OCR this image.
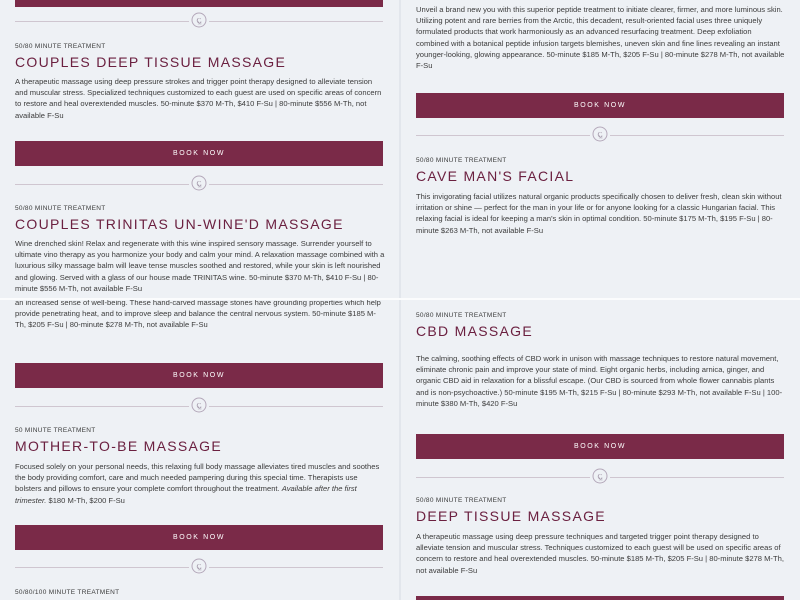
50/80 MINUTE TREATMENT
COUPLES DEEP TISSUE MASSAGE
A therapeutic massage using deep pressure strokes and trigger point therapy designed to alleviate tension and muscular stress. Specialized techniques customized to each guest are used on specific areas of concern to restore and heal overextended muscles. 50-minute $370 M-Th, $410 F-Su | 80-minute $556 M-Th, not available F-Su
BOOK NOW
50/80 MINUTE TREATMENT
COUPLES TRINITAS UN-WINE'D MASSAGE
Wine drenched skin! Relax and regenerate with this wine inspired sensory massage. Surrender yourself to ultimate vino therapy as you harmonize your body and calm your mind. A relaxation massage combined with a luxurious silky massage balm will leave tense muscles soothed and restored, while your skin is left nourished and glowing. Served with a glass of our house made TRINITAS wine. 50-minute $370 M-Th, $410 F-Su | 80-minute $556 M-Th, not available F-Su
Unveil a brand new you with this superior peptide treatment to initiate clearer, firmer, and more luminous skin. Utilizing potent and rare berries from the Arctic, this decadent, result-oriented facial uses three uniquely formulated products that work harmoniously as an advanced resurfacing treatment. Deep exfoliation combined with a botanical peptide infusion targets blemishes, uneven skin and fine lines revealing an instant younger-looking, glowing appearance. 50-minute $185 M-Th, $205 F-Su | 80-minute $278 M-Th, not available F-Su
BOOK NOW
50/80 MINUTE TREATMENT
CAVE MAN'S FACIAL
This invigorating facial utilizes natural organic products specifically chosen to deliver fresh, clean skin without irritation or shine — perfect for the man in your life or for anyone looking for a classic Hungarian facial. This relaxing facial is ideal for keeping a man's skin in optimal condition. 50-minute $175 M-Th, $195 F-Su | 80-minute $263 M-Th, not available F-Su
an increased sense of well-being. These hand-carved massage stones have grounding properties which help provide penetrating heat, and to improve sleep and balance the central nervous system. 50-minute $185 M-Th, $205 F-Su | 80-minute $278 M-Th, not available F-Su
BOOK NOW
50 MINUTE TREATMENT
MOTHER-TO-BE MASSAGE
Focused solely on your personal needs, this relaxing full body massage alleviates tired muscles and soothes the body providing comfort, care and much needed pampering during this special time. Therapists use bolsters and pillows to ensure your complete comfort throughout the treatment. Available after the first trimester. $180 M-Th, $200 F-Su
BOOK NOW
50/80/100 MINUTE TREATMENT
50/80 MINUTE TREATMENT
CBD MASSAGE
The calming, soothing effects of CBD work in unison with massage techniques to restore natural movement, eliminate chronic pain and improve your state of mind. Eight organic herbs, including arnica, ginger, and organic CBD aid in relaxation for a blissful escape. (Our CBD is sourced from whole flower cannabis plants and is non-psychoactive.) 50-minute $195 M-Th, $215 F-Su | 80-minute $293 M-Th, not available F-Su | 100-minute $380 M-Th, $420 F-Su
BOOK NOW
50/80 MINUTE TREATMENT
DEEP TISSUE MASSAGE
A therapeutic massage using deep pressure techniques and targeted trigger point therapy designed to alleviate tension and muscular stress. Techniques customized to each guest will be used on specific areas of concern to restore and heal overextended muscles. 50-minute $185 M-Th, $205 F-Su | 80-minute $278 M-Th, not available F-Su
